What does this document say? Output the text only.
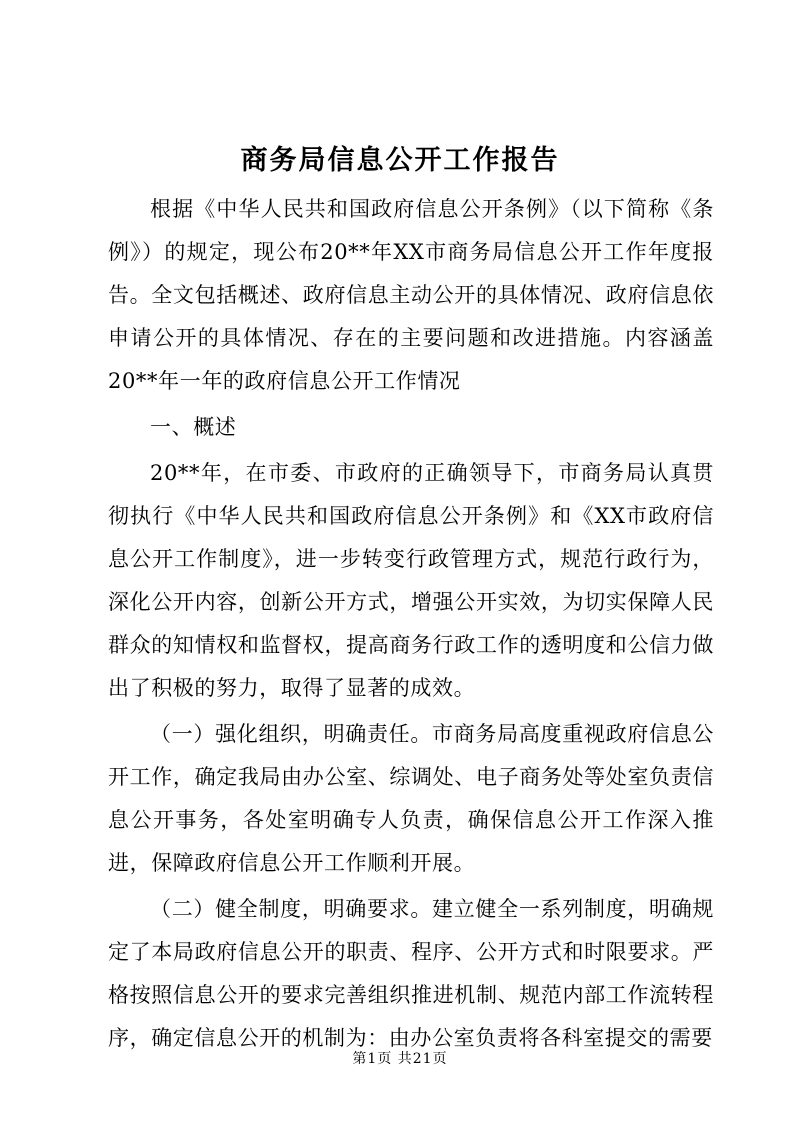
商务局信息公开工作报告

根据《中华人民共和国政府信息公开条例》（以下简称《条例》）的规定，现公布20**年XX市商务局信息公开工作年度报告。全文包括概述、政府信息主动公开的具体情况、政府信息依申请公开的具体情况、存在的主要问题和改进措施。内容涵盖20**年一年的政府信息公开工作情况

一、概述

20**年，在市委、市政府的正确领导下，市商务局认真贯彻执行《中华人民共和国政府信息公开条例》和《XX市政府信息公开工作制度》，进一步转变行政管理方式，规范行政行为，深化公开内容，创新公开方式，增强公开实效，为切实保障人民群众的知情权和监督权，提高商务行政工作的透明度和公信力做出了积极的努力，取得了显著的成效。

（一）强化组织，明确责任。市商务局高度重视政府信息公开工作，确定我局由办公室、综调处、电子商务处等处室负责信息公开事务，各处室明确专人负责，确保信息公开工作深入推进，保障政府信息公开工作顺利开展。

（二）健全制度，明确要求。建立健全一系列制度，明确规定了本局政府信息公开的职责、程序、公开方式和时限要求。严格按照信息公开的要求完善组织推进机制、规范内部工作流转程序，确定信息公开的机制为：由办公室负责将各科室提交的需要

第1页 共21页
